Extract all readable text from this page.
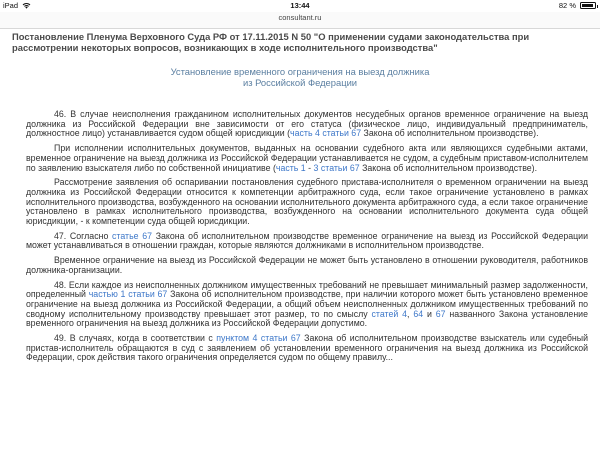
iPad	13:44	82 %
consultant.ru

Постановление Пленума Верховного Суда РФ от 17.11.2015 N 50 "О применении судами законодательства при рассмотрении некоторых вопросов, возникающих в ходе исполнительного производства"

Установление временного ограничения на выезд должника
из Российской Федерации

46. В случае неисполнения гражданином исполнительных документов несудебных органов временное ограничение на выезд должника из Российской Федерации вне зависимости от его статуса (физическое лицо, индивидуальный предприниматель, должностное лицо) устанавливается судом общей юрисдикции (часть 4 статьи 67 Закона об исполнительном производстве).

При исполнении исполнительных документов, выданных на основании судебного акта или являющихся судебными актами, временное ограничение на выезд должника из Российской Федерации устанавливается не судом, а судебным приставом-исполнителем по заявлению взыскателя либо по собственной инициативе (часть 1 - 3 статьи 67 Закона об исполнительном производстве).

Рассмотрение заявления об оспаривании постановления судебного пристава-исполнителя о временном ограничении на выезд должника из Российской Федерации относится к компетенции арбитражного суда, если такое ограничение установлено в рамках исполнительного производства, возбужденного на основании исполнительного документа арбитражного суда, а если такое ограничение установлено в рамках исполнительного производства, возбужденного на основании исполнительного документа суда общей юрисдикции, - к компетенции суда общей юрисдикции.

47. Согласно статье 67 Закона об исполнительном производстве временное ограничение на выезд из Российской Федерации может устанавливаться в отношении граждан, которые являются должниками в исполнительном производстве.

Временное ограничение на выезд из Российской Федерации не может быть установлено в отношении руководителя, работников должника-организации.

48. Если каждое из неисполненных должником имущественных требований не превышает минимальный размер задолженности, определенный частью 1 статьи 67 Закона об исполнительном производстве, при наличии которого может быть установлено временное ограничение на выезд должника из Российской Федерации, а общий объем неисполненных должником имущественных требований по сводному исполнительному производству превышает этот размер, то по смыслу статей 4, 64 и 67 названного Закона установление временного ограничения на выезд должника из Российской Федерации допустимо.

49. В случаях, когда в соответствии с пунктом 4 статьи 67 Закона об исполнительном производстве взыскатель или судебный пристав-исполнитель обращаются в суд с заявлением об установлении временного ограничения на выезд должника из Российской Федерации, срок действия такого ограничения определяется судом по общему правилу...
